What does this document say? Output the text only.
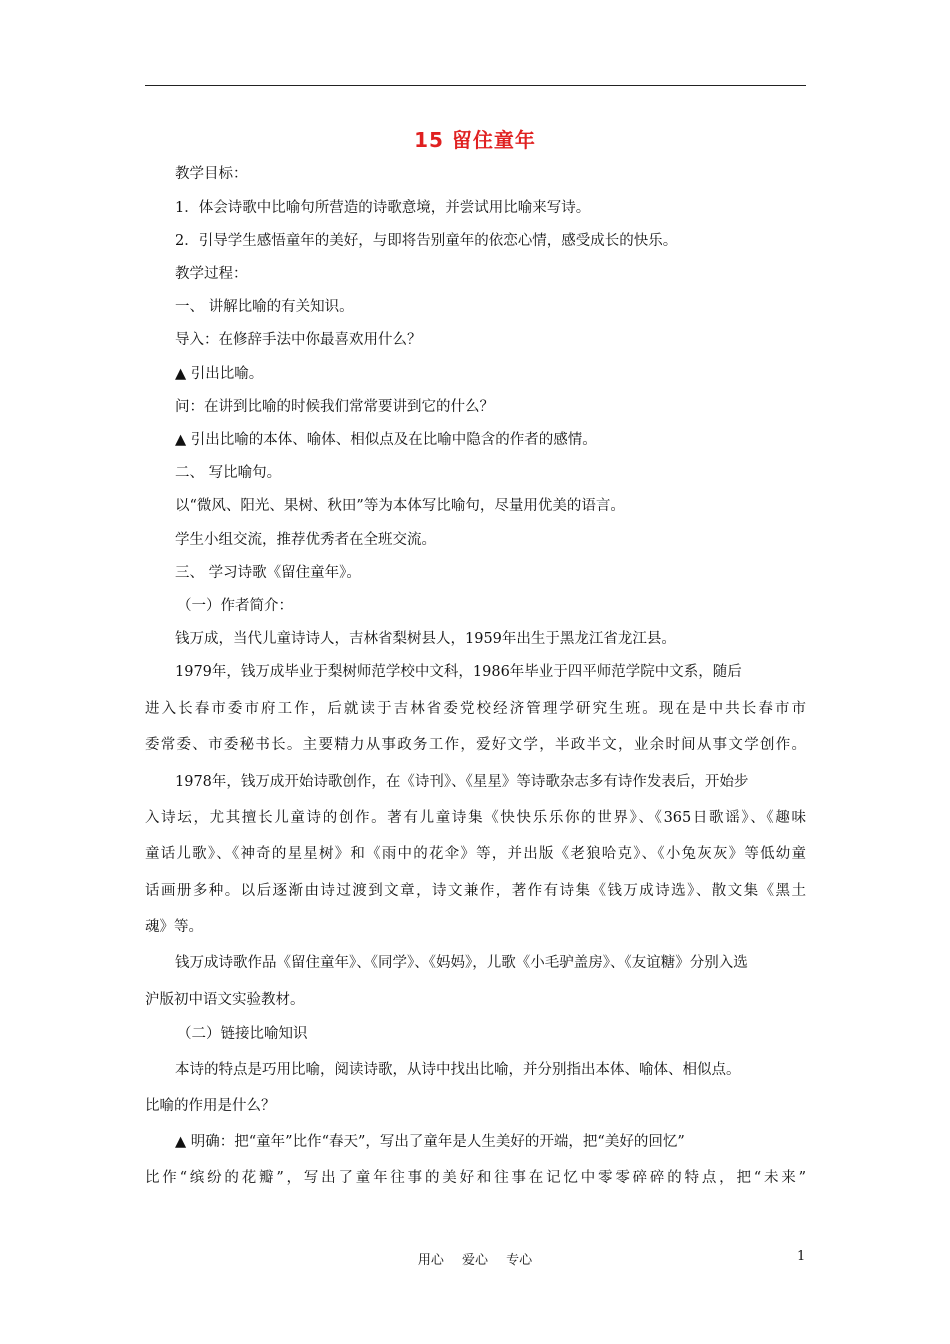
15 留住童年
教学目标：
1．体会诗歌中比喻句所营造的诗歌意境，并尝试用比喻来写诗。
2．引导学生感悟童年的美好，与即将告别童年的依恋心情，感受成长的快乐。
教学过程：
一、 讲解比喻的有关知识。
导入：在修辞手法中你最喜欢用什么？
▲ 引出比喻。
问：在讲到比喻的时候我们常常要讲到它的什么？
▲ 引出比喻的本体、喻体、相似点及在比喻中隐含的作者的感情。
二、 写比喻句。
以“微风、阳光、果树、秋田”等为本体写比喻句，尽量用优美的语言。
学生小组交流，推荐优秀者在全班交流。
三、 学习诗歌《留住童年》。
（一）作者简介：
钱万成，当代儿童诗诗人，吉林省梨树县人，1959年出生于黑龙江省龙江县。
1979年，钱万成毕业于梨树师范学校中文科，1986年毕业于四平师范学院中文系，随后
进入长春市委市府工作，后就读于吉林省委党校经济管理学研究生班。现在是中共长春市市
委常委、市委秘书长。主要精力从事政务工作，爱好文学，半政半文，业余时间从事文学创作。
1978年，钱万成开始诗歌创作，在《诗刊》、《星星》等诗歌杂志多有诗作发表后，开始步
入诗坛，尤其擅长儿童诗的创作。著有儿童诗集《快快乐乐你的世界》、《365日歌谣》、《趣味
童话儿歌》、《神奇的星星树》和《雨中的花伞》等，并出版《老狼哈克》、《小兔灰灰》等低幼童
话画册多种。以后逐渐由诗过渡到文章，诗文兼作，著作有诗集《钱万成诗选》、散文集《黑土
魂》等。
钱万成诗歌作品《留住童年》、《同学》、《妈妈》，儿歌《小毛驴盖房》、《友谊糖》分别入选
沪版初中语文实验教材。
（二）链接比喻知识
本诗的特点是巧用比喻，阅读诗歌，从诗中找出比喻，并分别指出本体、喻体、相似点。
比喻的作用是什么？
▲ 明确：把“童年”比作“春天”，写出了童年是人生美好的开端，把“美好的回忆”
比作“缤纷的花瓣”，写出了童年往事的美好和往事在记忆中零零碎碎的特点，把“未来”
用心 爱心 专心	1
